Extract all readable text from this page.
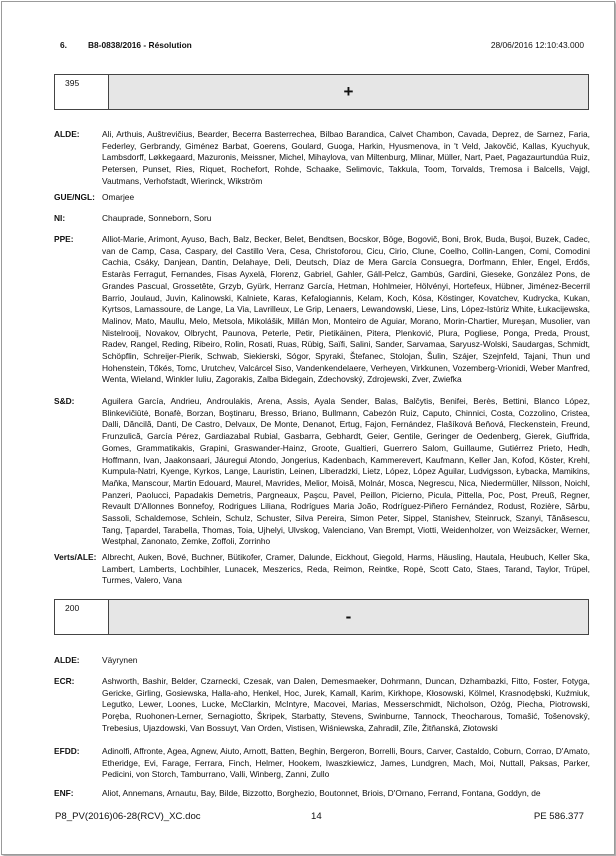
6.	B8-0838/2016 - Résolution	28/06/2016 12:10:43.000
395	+
ALDE:	Ali, Arthuis, Auštrevičius, Bearder, Becerra Basterrechea, Bilbao Barandica, Calvet Chambon, Cavada, Deprez, de Sarnez, Faria, Federley, Gerbrandy, Giménez Barbat, Goerens, Goulard, Guoga, Harkin, Hyusmenova, in 't Veld, Jakovčić, Kallas, Kyuchyuk, Lambsdorff, Løkkegaard, Mazuronis, Meissner, Michel, Mihaylova, van Miltenburg, Mlinar, Müller, Nart, Paet, Pagazaurtundúa Ruiz, Petersen, Punset, Ries, Riquet, Rochefort, Rohde, Schaake, Selimovic, Takkula, Toom, Torvalds, Tremosa i Balcells, Vajgl, Vautmans, Verhofstadt, Wierinck, Wikström
GUE/NGL: Omarjee
NI:	Chauprade, Sonneborn, Soru
PPE:	Alliot-Marie, Arimont, Ayuso, Bach, Balz, Becker, Belet, Bendtsen, Bocskor, Böge, Bogovič, Boni, Brok, Buda, Buşoi, Buzek, Cadec, van de Camp, Casa, Caspary, del Castillo Vera, Cesa, Christoforou, Cicu, Cirio, Clune, Coelho, Collin-Langen, Comi, Comodini Cachia, Csáky, Danjean, Dantin, Delahaye, Deli, Deutsch, Díaz de Mera García Consuegra, Dorfmann, Ehler, Engel, Erdős, Estaràs Ferragut, Fernandes, Fisas Ayxelà, Florenz, Gabriel, Gahler, Gáll-Pelcz, Gambús, Gardini, Gieseke, González Pons, de Grandes Pascual, Grossetête, Grzyb, Gyürk, Herranz García, Hetman, Hohlmeier, Hölvényi, Hortefeux, Hübner, Jiménez-Becerril Barrio, Joulaud, Juvin, Kalinowski, Kalniete, Karas, Kefalogiannis, Kelam, Koch, Kósa, Köstinger, Kovatchev, Kudrycka, Kukan, Kyrtsos, Lamassoure, de Lange, La Via, Lavrilleux, Le Grip, Lenaers, Lewandowski, Liese, Lins, López-Istúriz White, Łukacijewska, Malinov, Mato, Maullu, Melo, Metsola, Mikolášik, Millán Mon, Monteiro de Aguiar, Morano, Morin-Chartier, Mureşan, Musolier, van Nistelrooij, Novakov, Olbrycht, Paunova, Peterle, Petir, Pietikäinen, Pitera, Plenković, Plura, Pogliese, Ponga, Preda, Proust, Radev, Rangel, Reding, Ribeiro, Rolin, Rosati, Ruas, Rübig, Saïfi, Salini, Sander, Sarvamaa, Saryusz-Wolski, Saudargas, Schmidt, Schöpflin, Schreijer-Pierik, Schwab, Siekierski, Sógor, Spyraki, Štefanec, Stolojan, Šulin, Szájer, Szejnfeld, Tajani, Thun und Hohenstein, Tőkés, Tomc, Urutchev, Valcárcel Siso, Vandenkendelaere, Verheyen, Virkkunen, Vozemberg-Vrionidi, Weber Manfred, Wenta, Wieland, Winkler Iuliu, Zagorakis, Zalba Bidegain, Zdechovský, Zdrojewski, Zver, Zwiefka
S&D:	Aguilera García, Andrieu, Androulakis, Arena, Assis, Ayala Sender, Balas, Balčytis, Benifei, Berès, Bettini, Blanco López, Blinkevičiūtė, Bonafè, Borzan, Boştinaru, Bresso, Briano, Bullmann, Cabezón Ruiz, Caputo, Chinnici, Costa, Cozzolino, Cristea, Dalli, Dăncilă, Danti, De Castro, Delvaux, De Monte, Denanot, Ertug, Fajon, Fernández, Flašíková Beňová, Fleckenstein, Freund, Frunzulică, García Pérez, Gardiazabal Rubial, Gasbarra, Gebhardt, Geier, Gentile, Geringer de Oedenberg, Gierek, Giuffrida, Gomes, Grammatikakis, Grapini, Graswander-Hainz, Groote, Gualtieri, Guerrero Salom, Guillaume, Gutiérrez Prieto, Hedh, Hoffmann, Ivan, Jaakonsaari, Jáuregui Atondo, Jongerius, Kadenbach, Kammerevert, Kaufmann, Keller Jan, Kofod, Köster, Krehl, Kumpula-Natri, Kyenge, Kyrkos, Lange, Lauristin, Leinen, Liberadzki, Lietz, López, López Aguilar, Ludvigsson, Łybacka, Mamikins, Maňka, Manscour, Martin Edouard, Maurel, Mavrides, Melior, Moisă, Molnár, Mosca, Negrescu, Nica, Niedermüller, Nilsson, Noichl, Panzeri, Paolucci, Papadakis Demetris, Pargneaux, Paşcu, Pavel, Peillon, Picierno, Picula, Pittella, Poc, Post, Preuß, Regner, Revault D'Allonnes Bonnefoy, Rodrigues Liliana, Rodrígues Maria João, Rodríguez-Piñero Fernández, Rodust, Rozière, Sârbu, Sassoli, Schaldemose, Schlein, Schulz, Schuster, Silva Pereira, Simon Peter, Sippel, Stanishev, Steinruck, Szanyi, Tănăsescu, Tang, Ţapardel, Tarabella, Thomas, Toia, Ujhelyi, Ulvskog, Valenciano, Van Brempt, Viotti, Weidenholzer, von Weizsäcker, Werner, Westphal, Zanonato, Zemke, Zoffoli, Zorrinho
Verts/ALE: Albrecht, Auken, Bové, Buchner, Bütikofer, Cramer, Dalunde, Eickhout, Giegold, Harms, Häusling, Hautala, Heubuch, Keller Ska, Lambert, Lamberts, Lochbihler, Lunacek, Meszerics, Reda, Reimon, Reintke, Ropė, Scott Cato, Staes, Tarand, Taylor, Trüpel, Turmes, Valero, Vana
200	-
ALDE:	Väyrynen
ECR:	Ashworth, Bashir, Belder, Czarnecki, Czesak, van Dalen, Demesmaeker, Dohrmann, Duncan, Dzhambazki, Fitto, Foster, Fotyga, Gericke, Girling, Gosiewska, Halla-aho, Henkel, Hoc, Jurek, Kamall, Karim, Kirkhope, Kłosowski, Kölmel, Krasnodębski, Kuźmiuk, Legutko, Lewer, Loones, Lucke, McClarkin, McIntyre, Macovei, Marias, Messerschmidt, Nicholson, Ożóg, Piecha, Piotrowski, Poręba, Ruohonen-Lerner, Sernagiotto, Škripek, Starbatty, Stevens, Swinburne, Tannock, Theocharous, Tomašić, Tošenovský, Trebesius, Ujazdowski, Van Bossuyt, Van Orden, Vistisen, Wiśniewska, Zahradil, Zīle, Žitňanská, Złotowski
EFDD:	Adinolfi, Affronte, Agea, Agnew, Aiuto, Arnott, Batten, Beghin, Bergeron, Borrelli, Bours, Carver, Castaldo, Coburn, Corrao, D'Amato, Etheridge, Evi, Farage, Ferrara, Finch, Helmer, Hookem, Iwaszkiewicz, James, Lundgren, Mach, Moi, Nuttall, Paksas, Parker, Pedicini, von Storch, Tamburrano, Valli, Winberg, Zanni, Zullo
ENF:	Aliot, Annemans, Arnautu, Bay, Bilde, Bizzotto, Borghezio, Boutonnet, Briois, D'Ornano, Ferrand, Fontana, Goddyn, de
P8_PV(2016)06-28(RCV)_XC.doc	14	PE 586.377
